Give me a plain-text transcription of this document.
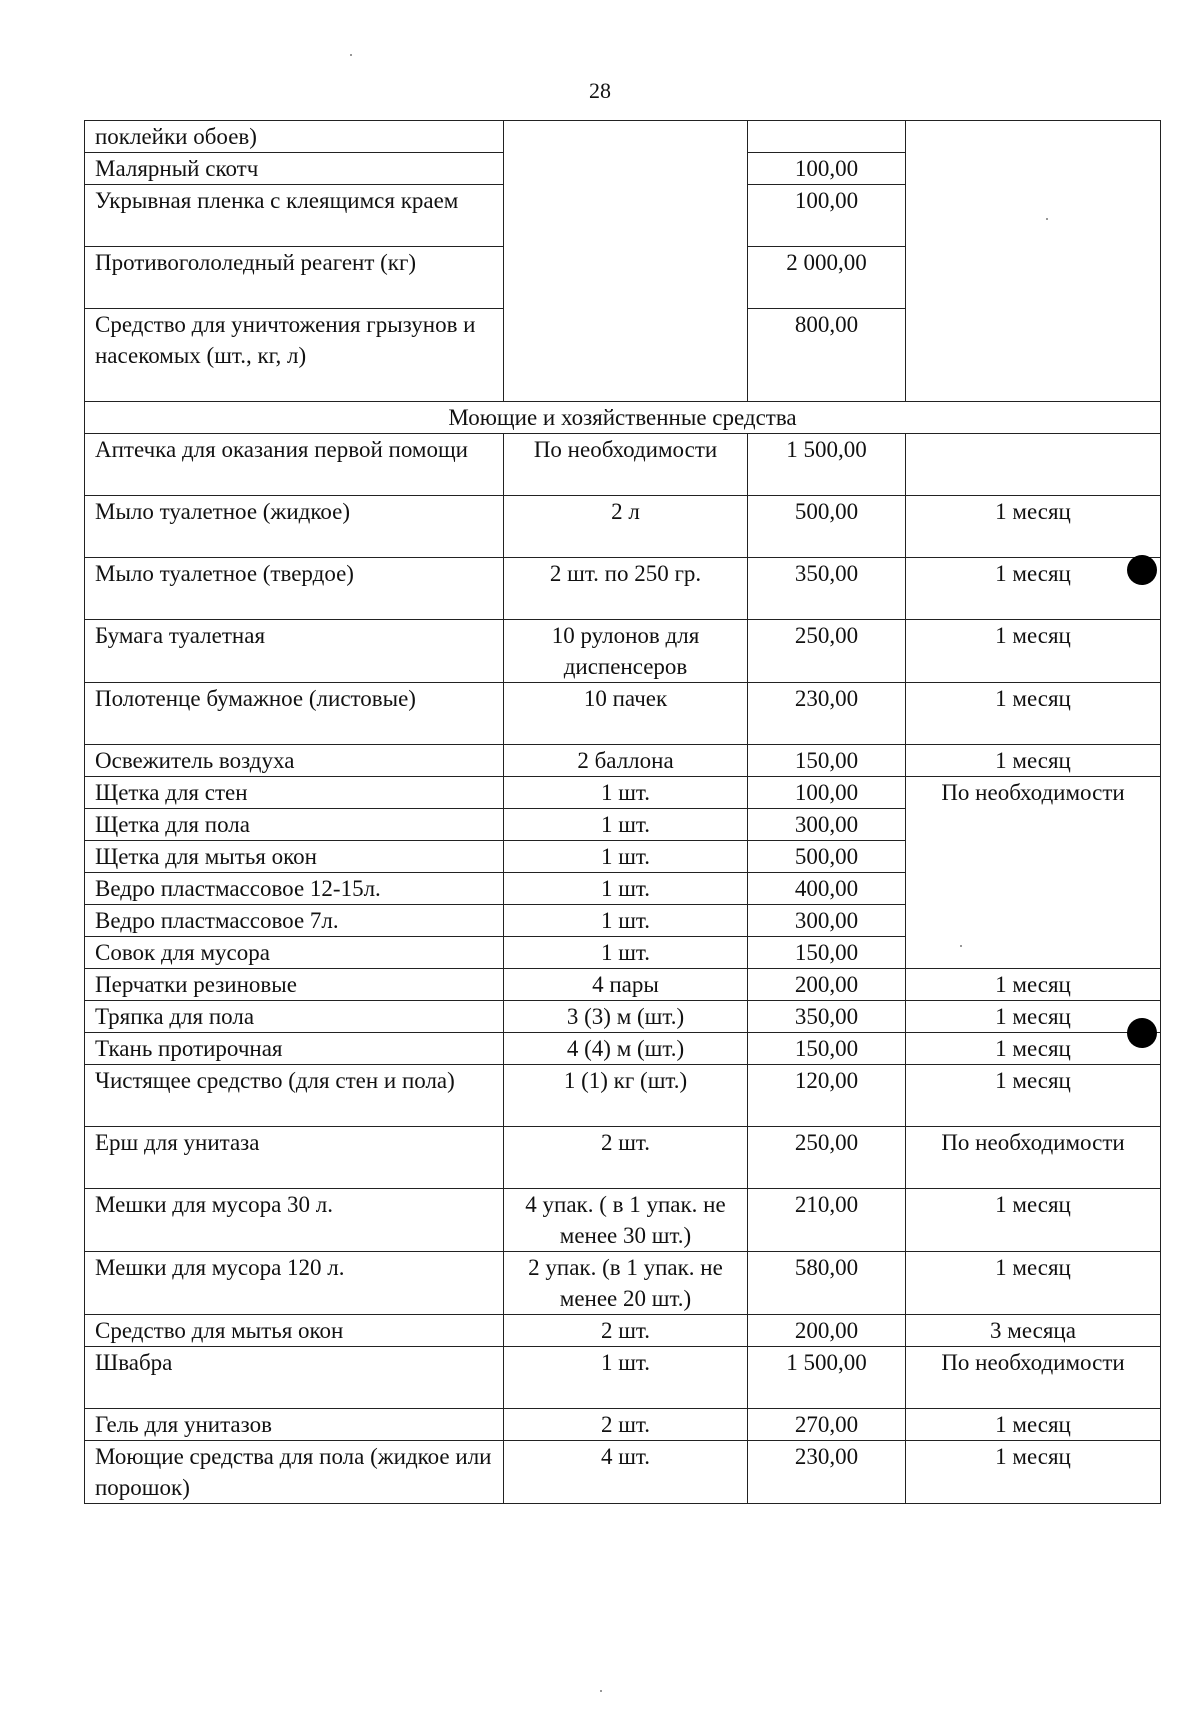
28
поклейки обоев)			
Малярный скотч		100,00	
Укрывная пленка с клеящимся краем		100,00	
Противогололедный реагент (кг)		2 000,00	
Средство для уничтожения грызунов и насекомых (шт., кг, л)		800,00	
Моющие и хозяйственные средства			
Аптечка для оказания первой помощи	По необходимости	1 500,00	
Мыло туалетное (жидкое)	2 л	500,00	1 месяц
Мыло туалетное (твердое)	2 шт. по 250 гр.	350,00	1 месяц
Бумага туалетная	10 рулонов для диспенсеров	250,00	1 месяц
Полотенце бумажное (листовые)	10 пачек	230,00	1 месяц
Освежитель воздуха	2 баллона	150,00	1 месяц
Щетка для стен	1 шт.	100,00	По необходимости
Щетка для пола	1 шт.	300,00	
Щетка для мытья окон	1 шт.	500,00	
Ведро пластмассовое 12-15л.	1 шт.	400,00	
Ведро пластмассовое 7л.	1 шт.	300,00	
Совок для мусора	1 шт.	150,00	
Перчатки резиновые	4 пары	200,00	1 месяц
Тряпка для пола	3 (3) м (шт.)	350,00	1 месяц
Ткань протирочная	4 (4) м (шт.)	150,00	1 месяц
Чистящее средство (для стен и пола)	1 (1) кг (шт.)	120,00	1 месяц
Ерш для унитаза	2 шт.	250,00	По необходимости
Мешки для мусора 30 л.	4 упак. ( в 1 упак. не менее 30 шт.)	210,00	1 месяц
Мешки для мусора 120 л.	2 упак. (в 1 упак. не менее 20 шт.)	580,00	1 месяц
Средство для мытья окон	2 шт.	200,00	3 месяца
Швабра	1 шт.	1 500,00	По необходимости
Гель для унитазов	2 шт.	270,00	1 месяц
Моющие средства для пола (жидкое или порошок)	4 шт.	230,00	1 месяц
